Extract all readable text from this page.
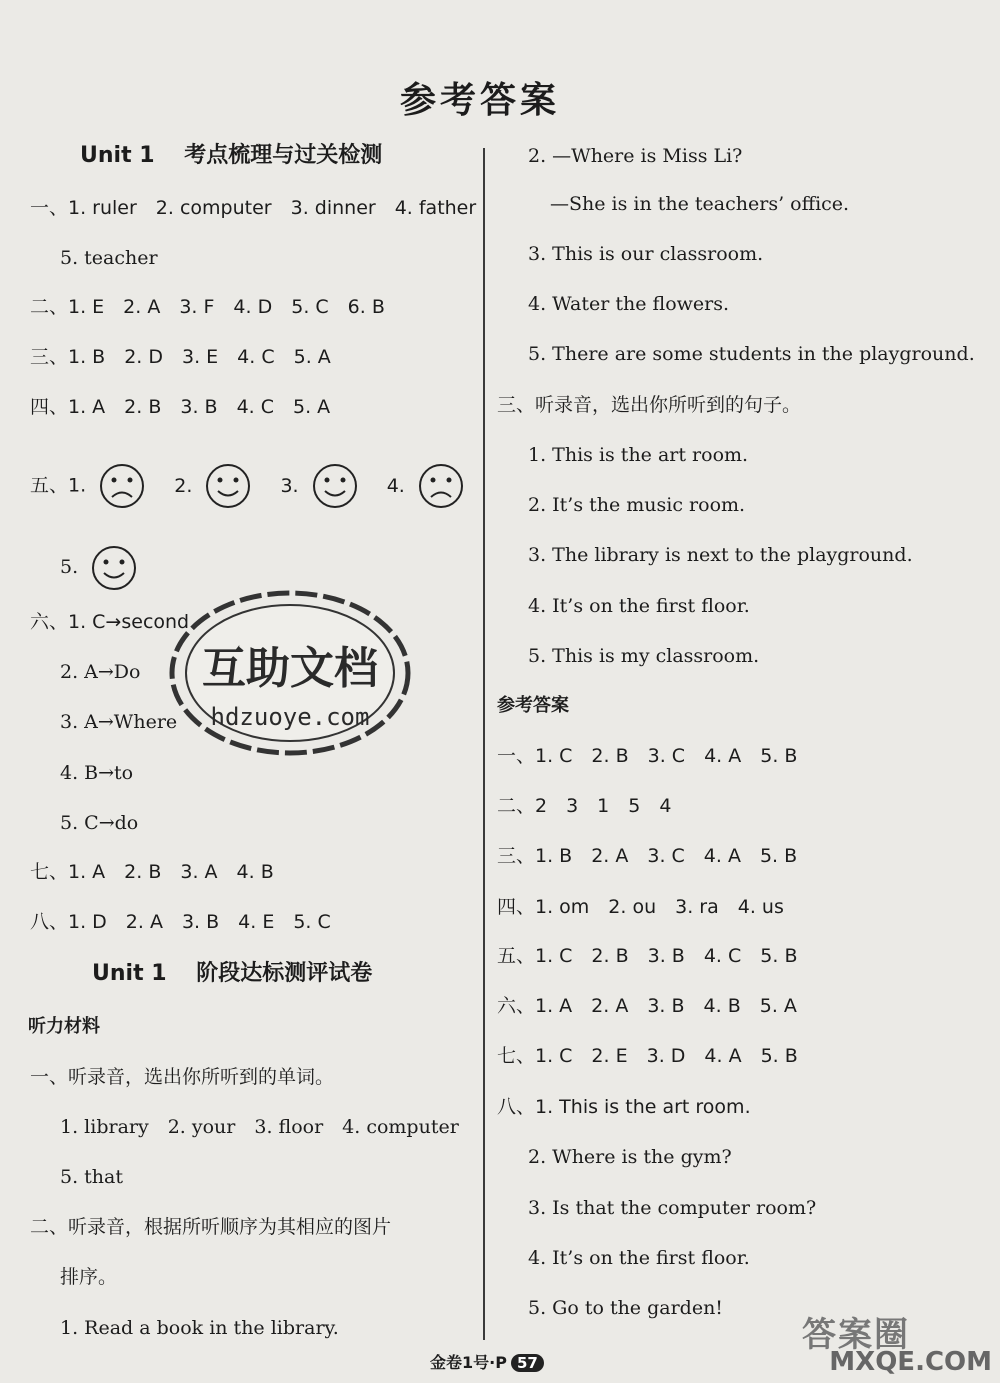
参考答案
Unit 1　 考点梳理与过关检测
一、1. ruler　2. computer　3. dinner　4. father
5. teacher
二、1. E　2. A　3. F　4. D　5. C　6. B
三、1. B　2. D　3. E　4. C　5. A
四、1. A　2. B　3. B　4. C　5. A
五、1.	2.	3.	4.
5.
六、1. C→second
2. A→Do
3. A→Where
4. B→to
5. C→do
七、1. A　2. B　3. A　4. B
八、1. D　2. A　3. B　4. E　5. C
Unit 1　 阶段达标测评试卷
听力材料
一、听录音，选出你所听到的单词。
1. library　2. your　3. floor　4. computer
5. that
二、听录音，根据所听顺序为其相应的图片
排序。
1. Read a book in the library.
2. —Where is Miss Li?
—She is in the teachers’ office.
3. This is our classroom.
4. Water the flowers.
5. There are some students in the playground.
三、听录音，选出你所听到的句子。
1. This is the art room.
2. It’s the music room.
3. The library is next to the playground.
4. It’s on the first floor.
5. This is my classroom.
参考答案
一、1. C　2. B　3. C　4. A　5. B
二、2　3　1　5　4
三、1. B　2. A　3. C　4. A　5. B
四、1. om　2. ou　3. ra　4. us
五、1. C　2. B　3. B　4. C　5. B
六、1. A　2. A　3. B　4. B　5. A
七、1. C　2. E　3. D　4. A　5. B
八、1. This is the art room.
2. Where is the gym?
3. Is that the computer room?
4. It’s on the first floor.
5. Go to the garden!
互助文档
hdzuoye.com
金卷1号·P 57
答案圈
MXQE.COM
